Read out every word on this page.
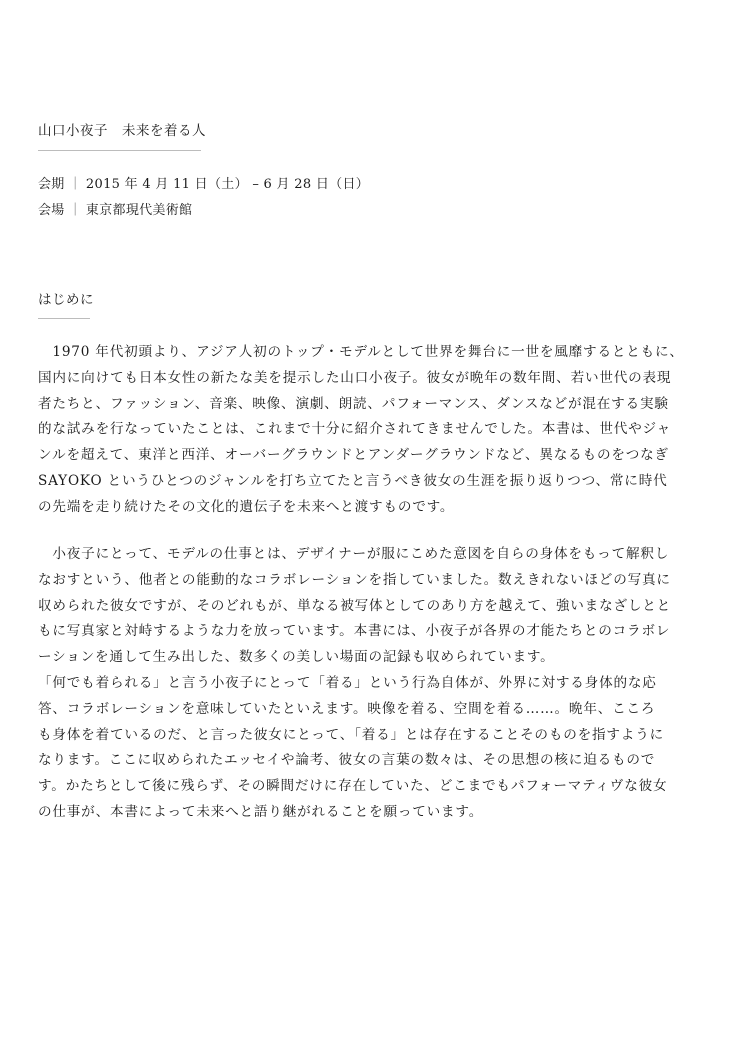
山口小夜子　未来を着る人
会期 ｜ 2015 年 4 月 11 日（土） – 6 月 28 日（日）
会場 ｜ 東京都現代美術館
はじめに

　1970 年代初頭より、アジア人初のトップ・モデルとして世界を舞台に一世を風靡するとともに、
国内に向けても日本女性の新たな美を提示した山口小夜子。彼女が晩年の数年間、若い世代の表現
者たちと、ファッション、音楽、映像、演劇、朗読、パフォーマンス、ダンスなどが混在する実験
的な試みを行なっていたことは、これまで十分に紹介されてきませんでした。本書は、世代やジャ
ンルを超えて、東洋と西洋、オーバーグラウンドとアンダーグラウンドなど、異なるものをつなぎ
SAYOKO というひとつのジャンルを打ち立てたと言うべき彼女の生涯を振り返りつつ、常に時代
の先端を走り続けたその文化的遺伝子を未来へと渡すものです。

　小夜子にとって、モデルの仕事とは、デザイナーが服にこめた意図を自らの身体をもって解釈し
なおすという、他者との能動的なコラボレーションを指していました。数えきれないほどの写真に
収められた彼女ですが、そのどれもが、単なる被写体としてのあり方を越えて、強いまなざしとと
もに写真家と対峙するような力を放っています。本書には、小夜子が各界の才能たちとのコラボレ
ーションを通して生み出した、数多くの美しい場面の記録も収められています。
「何でも着られる」と言う小夜子にとって「着る」という行為自体が、外界に対する身体的な応
答、コラボレーションを意味していたといえます。映像を着る、空間を着る……。晩年、こころ
も身体を着ているのだ、と言った彼女にとって、「着る」とは存在することそのものを指すように
なります。ここに収められたエッセイや論考、彼女の言葉の数々は、その思想の核に迫るもので
す。かたちとして後に残らず、その瞬間だけに存在していた、どこまでもパフォーマティヴな彼女
の仕事が、本書によって未来へと語り継がれることを願っています。
